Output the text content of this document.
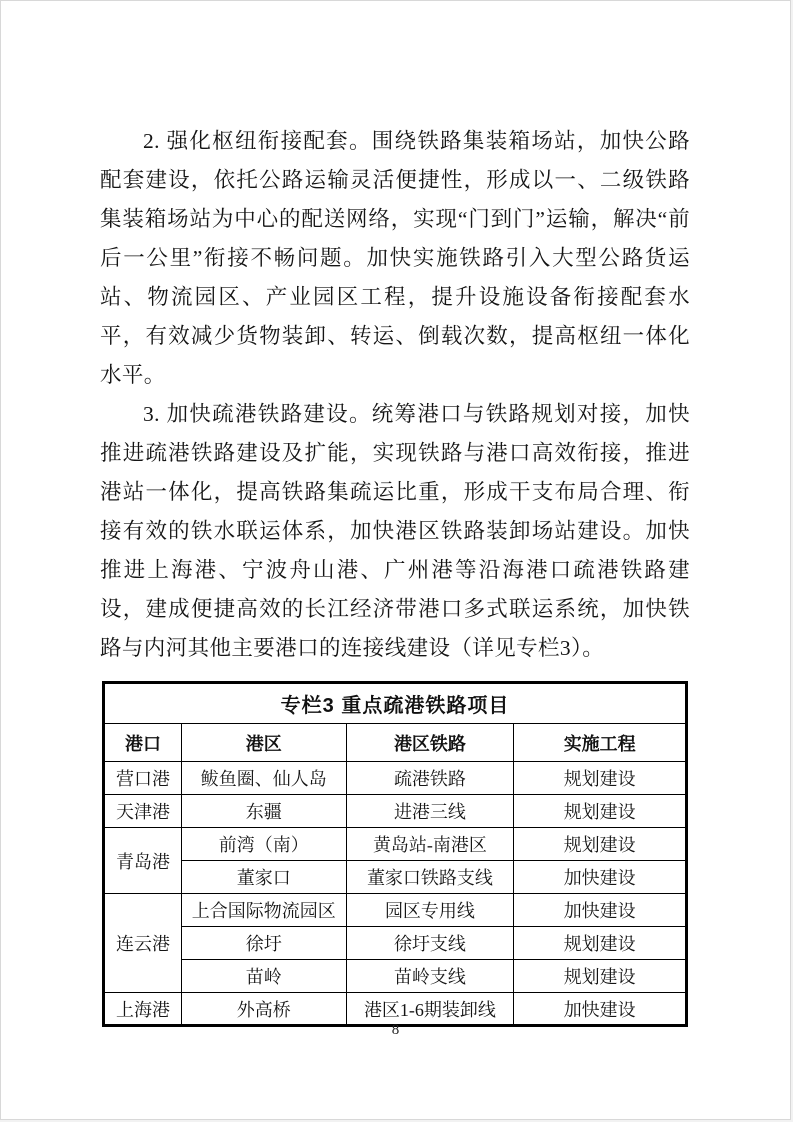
2. 强化枢纽衔接配套。围绕铁路集装箱场站，加快公路配套建设，依托公路运输灵活便捷性，形成以一、二级铁路集装箱场站为中心的配送网络，实现“门到门”运输，解决“前后一公里”衔接不畅问题。加快实施铁路引入大型公路货运站、物流园区、产业园区工程，提升设施设备衔接配套水平，有效减少货物装卸、转运、倒载次数，提高枢纽一体化水平。

3. 加快疏港铁路建设。统筹港口与铁路规划对接，加快推进疏港铁路建设及扩能，实现铁路与港口高效衔接，推进港站一体化，提高铁路集疏运比重，形成干支布局合理、衔接有效的铁水联运体系，加快港区铁路装卸场站建设。加快推进上海港、宁波舟山港、广州港等沿海港口疏港铁路建设，建成便捷高效的长江经济带港口多式联运系统，加快铁路与内河其他主要港口的连接线建设（详见专栏3）。

专栏3 重点疏港铁路项目			
港口	港区	港区铁路	实施工程
营口港	鲅鱼圈、仙人岛	疏港铁路	规划建设
天津港	东疆	进港三线	规划建设
青岛港	前湾（南）	黄岛站-南港区	规划建设
	董家口	董家口铁路支线	加快建设
连云港	上合国际物流园区	园区专用线	加快建设
	徐圩	徐圩支线	规划建设
	苗岭	苗岭支线	规划建设
上海港	外高桥	港区1-6期装卸线	加快建设
8
